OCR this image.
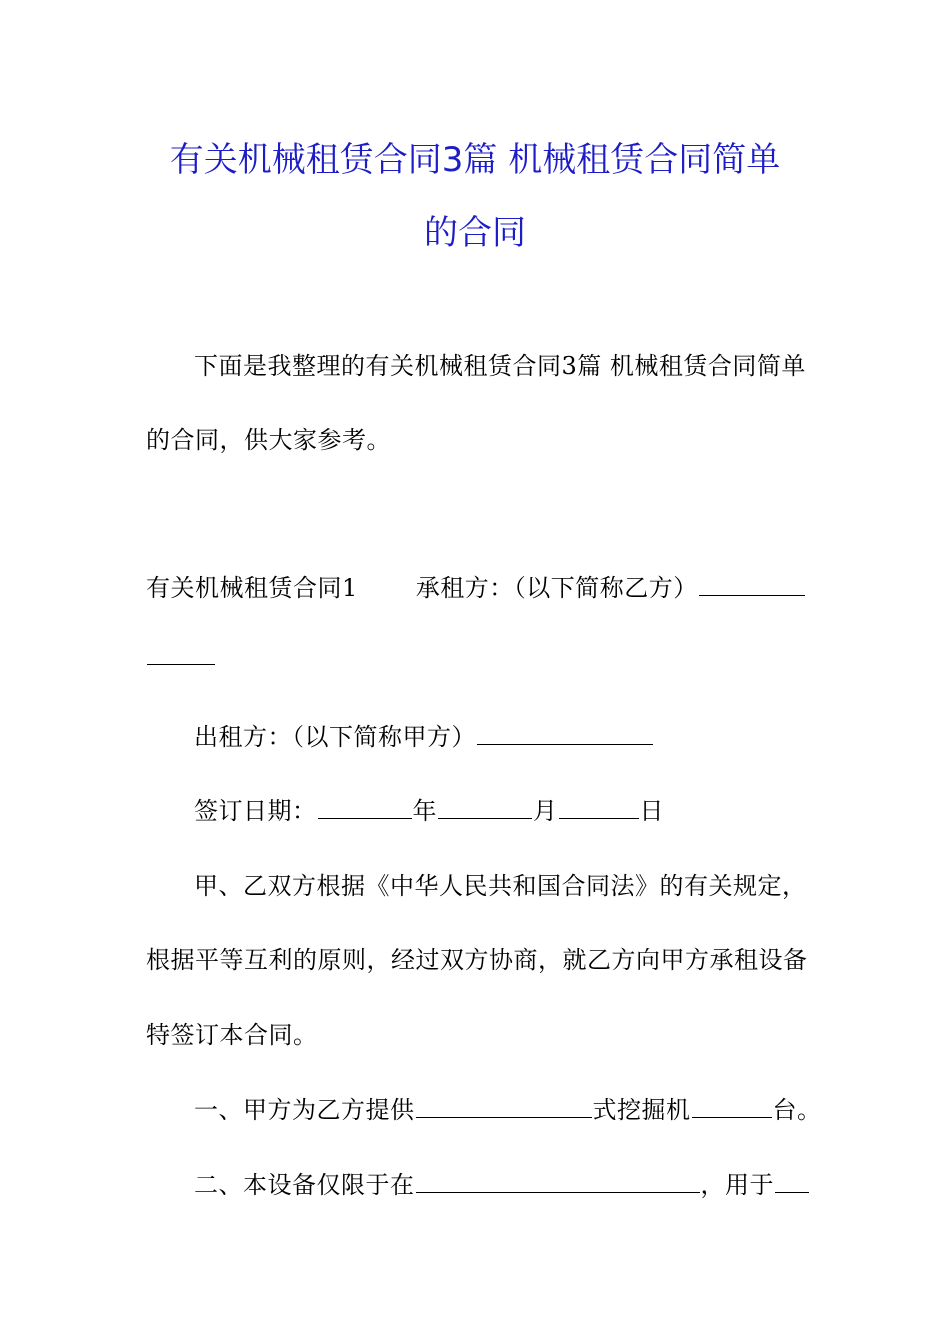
有关机械租赁合同3篇 机械租赁合同简单
的合同
下面是我整理的有关机械租赁合同3篇 机械租赁合同简单
的合同，供大家参考。
有关机械租赁合同1 承租方：（以下简称乙方）
出租方：（以下简称甲方）
签订日期：	年	月	日
甲、乙双方根据《中华人民共和国合同法》的有关规定，
根据平等互利的原则，经过双方协商，就乙方向甲方承租设备
特签订本合同。
一、甲方为乙方提供	式挖掘机	台。
二、本设备仅限于在	，用于
